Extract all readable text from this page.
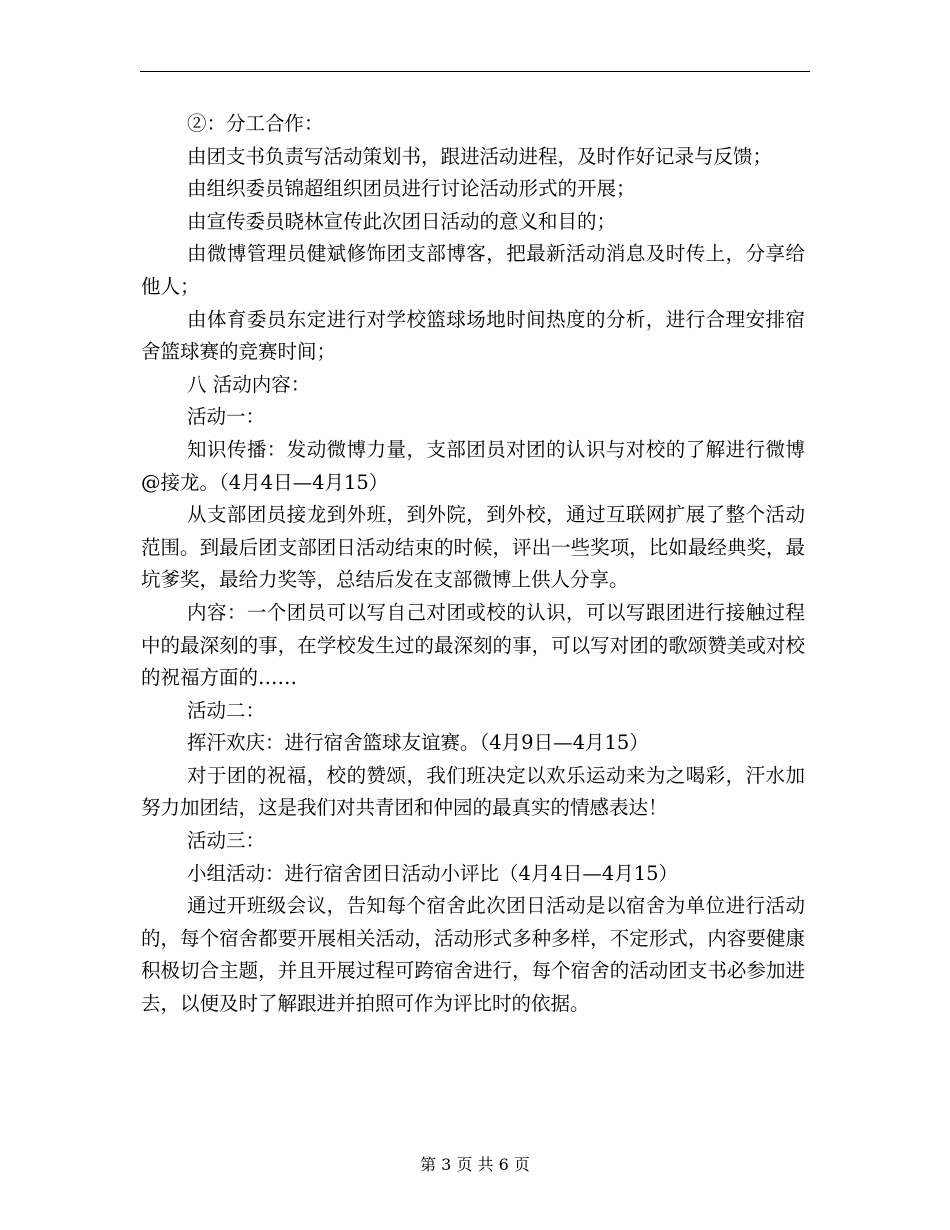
②：分工合作：

由团支书负责写活动策划书，跟进活动进程，及时作好记录与反馈；

由组织委员锦超组织团员进行讨论活动形式的开展；

由宣传委员晓林宣传此次团日活动的意义和目的；

由微博管理员健斌修饰团支部博客，把最新活动消息及时传上，分享给他人；

由体育委员东定进行对学校篮球场地时间热度的分析，进行合理安排宿舍篮球赛的竞赛时间；

八 活动内容：

活动一：

知识传播：发动微博力量，支部团员对团的认识与对校的了解进行微博@接龙。（4月4日—4月15）

从支部团员接龙到外班，到外院，到外校，通过互联网扩展了整个活动范围。到最后团支部团日活动结束的时候，评出一些奖项，比如最经典奖，最坑爹奖，最给力奖等，总结后发在支部微博上供人分享。

内容：一个团员可以写自己对团或校的认识，可以写跟团进行接触过程中的最深刻的事，在学校发生过的最深刻的事，可以写对团的歌颂赞美或对校的祝福方面的……

活动二：

挥汗欢庆：进行宿舍篮球友谊赛。（4月9日—4月15）

对于团的祝福，校的赞颂，我们班决定以欢乐运动来为之喝彩，汗水加努力加团结，这是我们对共青团和仲园的最真实的情感表达！

活动三：

小组活动：进行宿舍团日活动小评比（4月4日—4月15）

通过开班级会议，告知每个宿舍此次团日活动是以宿舍为单位进行活动的，每个宿舍都要开展相关活动，活动形式多种多样，不定形式，内容要健康积极切合主题，并且开展过程可跨宿舍进行，每个宿舍的活动团支书必参加进去，以便及时了解跟进并拍照可作为评比时的依据。

第 3 页 共 6 页
